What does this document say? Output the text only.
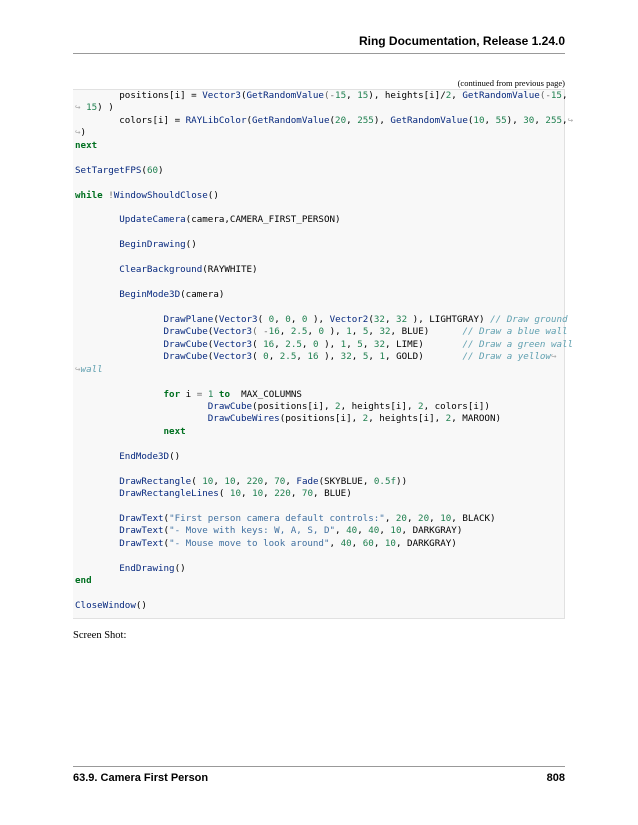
Ring Documentation, Release 1.24.0
(continued from previous page)
positions[i] = Vector3(GetRandomValue(-15, 15), heights[i]/2, GetRandomValue(-15,
↪ 15) )
colors[i] = RAYLibColor(GetRandomValue(20, 255), GetRandomValue(10, 55), 30, 255,↪
↪)
next
SetTargetFPS(60)
while !WindowShouldClose()
UpdateCamera(camera,CAMERA_FIRST_PERSON)
BeginDrawing()
ClearBackground(RAYWHITE)
BeginMode3D(camera)
DrawPlane(Vector3( 0, 0, 0 ), Vector2(32, 32 ), LIGHTGRAY) // Draw ground
DrawCube(Vector3( -16, 2.5, 0 ), 1, 5, 32, BLUE)      // Draw a blue wall
DrawCube(Vector3( 16, 2.5, 0 ), 1, 5, 32, LIME)       // Draw a green wall
DrawCube(Vector3( 0, 2.5, 16 ), 32, 5, 1, GOLD)       // Draw a yellow↪
↪wall
for i = 1 to  MAX_COLUMNS
DrawCube(positions[i], 2, heights[i], 2, colors[i])
DrawCubeWires(positions[i], 2, heights[i], 2, MAROON)
next
EndMode3D()
DrawRectangle( 10, 10, 220, 70, Fade(SKYBLUE, 0.5f))
DrawRectangleLines( 10, 10, 220, 70, BLUE)
DrawText("First person camera default controls:", 20, 20, 10, BLACK)
DrawText("- Move with keys: W, A, S, D", 40, 40, 10, DARKGRAY)
DrawText("- Mouse move to look around", 40, 60, 10, DARKGRAY)
EndDrawing()
end
CloseWindow()
Screen Shot:
63.9. Camera First Person	808
